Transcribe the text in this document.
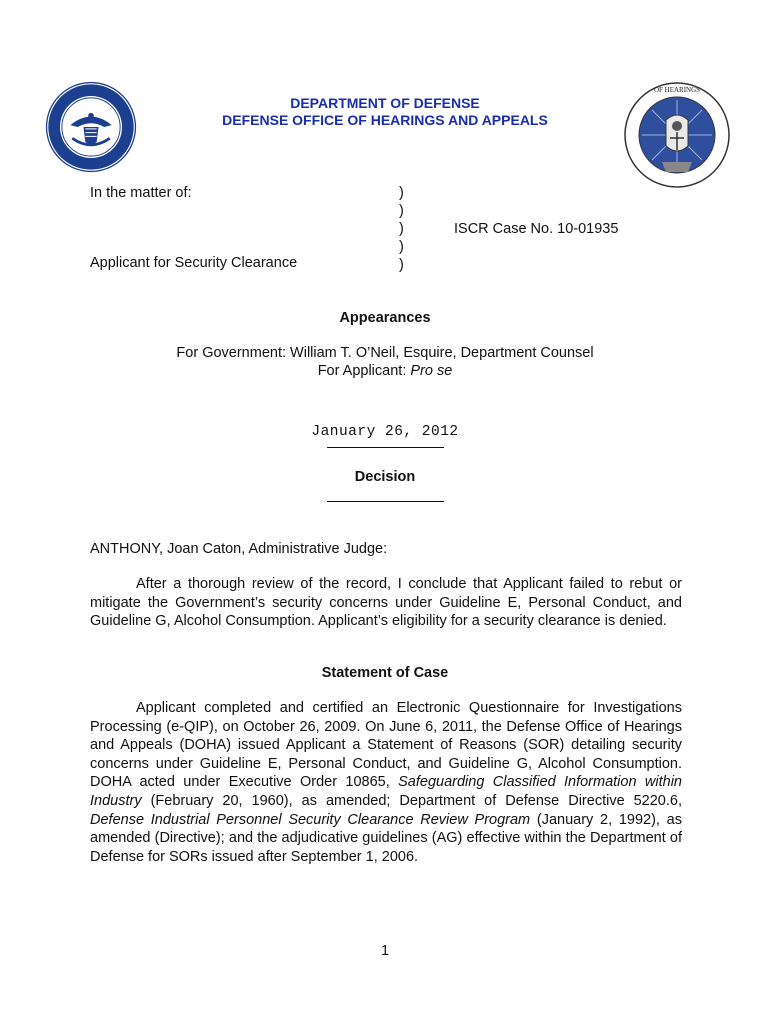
OF HEARINGS
DEPARTMENT OF DEFENSE
DEFENSE OFFICE OF HEARINGS AND APPEALS
In the matter of:
Applicant for Security Clearance
)
)
)
)
)
ISCR Case No. 10-01935
Appearances
For Government: William T. O’Neil, Esquire, Department Counsel
For Applicant: Pro se
January 26, 2012
Decision
ANTHONY, Joan Caton, Administrative Judge:

After a thorough review of the record, I conclude that Applicant failed to rebut or mitigate the Government’s security concerns under Guideline E, Personal Conduct, and Guideline G, Alcohol Consumption. Applicant’s eligibility for a security clearance is denied.

Statement of Case

Applicant completed and certified an Electronic Questionnaire for Investigations Processing (e-QIP), on October 26, 2009. On June 6, 2011, the Defense Office of Hearings and Appeals (DOHA) issued Applicant a Statement of Reasons (SOR) detailing security concerns under Guideline E, Personal Conduct, and Guideline G, Alcohol Consumption. DOHA acted under Executive Order 10865, Safeguarding Classified Information within Industry (February 20, 1960), as amended; Department of Defense Directive 5220.6, Defense Industrial Personnel Security Clearance Review Program (January 2, 1992), as amended (Directive); and the adjudicative guidelines (AG) effective within the Department of Defense for SORs issued after September 1, 2006.

1
